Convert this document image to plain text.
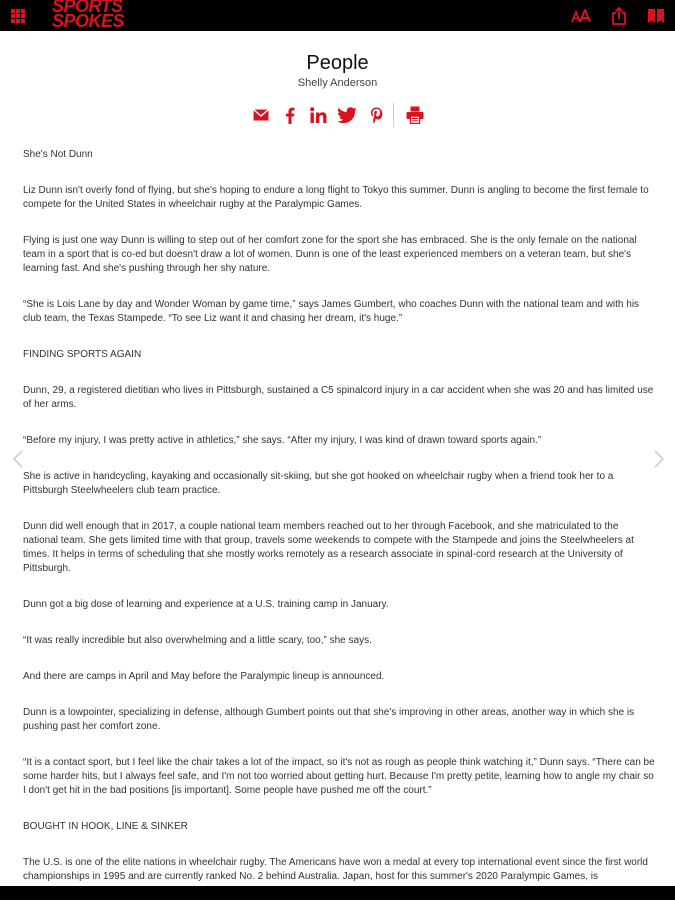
SPORTS
SPOKES
People
Shelly Anderson

She's Not Dunn

Liz Dunn isn't overly fond of flying, but she's hoping to endure a long flight to Tokyo this summer. Dunn is angling to become the first female to compete for the United States in wheelchair rugby at the Paralympic Games.

Flying is just one way Dunn is willing to step out of her comfort zone for the sport she has embraced. She is the only female on the national team in a sport that is co-ed but doesn't draw a lot of women. Dunn is one of the least experienced members on a veteran team, but she's learning fast. And she's pushing through her shy nature.

“She is Lois Lane by day and Wonder Woman by game time,” says James Gumbert, who coaches Dunn with the national team and with his club team, the Texas Stampede. “To see Liz want it and chasing her dream, it's huge.”

FINDING SPORTS AGAIN

Dunn, 29, a registered dietitian who lives in Pittsburgh, sustained a C5 spinalcord injury in a car accident when she was 20 and has limited use of her arms.

“Before my injury, I was pretty active in athletics,” she says. “After my injury, I was kind of drawn toward sports again.”

She is active in handcycling, kayaking and occasionally sit-skiing, but she got hooked on wheelchair rugby when a friend took her to a Pittsburgh Steelwheelers club team practice.

Dunn did well enough that in 2017, a couple national team members reached out to her through Facebook, and she matriculated to the national team. She gets limited time with that group, travels some weekends to compete with the Stampede and joins the Steelwheelers at times. It helps in terms of scheduling that she mostly works remotely as a research associate in spinal-cord research at the University of Pittsburgh.

Dunn got a big dose of learning and experience at a U.S. training camp in January.

“It was really incredible but also overwhelming and a little scary, too,” she says.

And there are camps in April and May before the Paralympic lineup is announced.

Dunn is a lowpointer, specializing in defense, although Gumbert points out that she's improving in other areas, another way in which she is pushing past her comfort zone.

“It is a contact sport, but I feel like the chair takes a lot of the impact, so it's not as rough as people think watching it,” Dunn says. “There can be some harder hits, but I always feel safe, and I'm not too worried about getting hurt. Because I'm pretty petite, learning how to angle my chair so I don't get hit in the bad positions [is important]. Some people have pushed me off the court.”

BOUGHT IN HOOK, LINE & SINKER

The U.S. is one of the elite nations in wheelchair rugby. The Americans have won a medal at every top international event since the first world championships in 1995 and are currently ranked No. 2 behind Australia. Japan, host for this summer's 2020 Paralympic Games, is
